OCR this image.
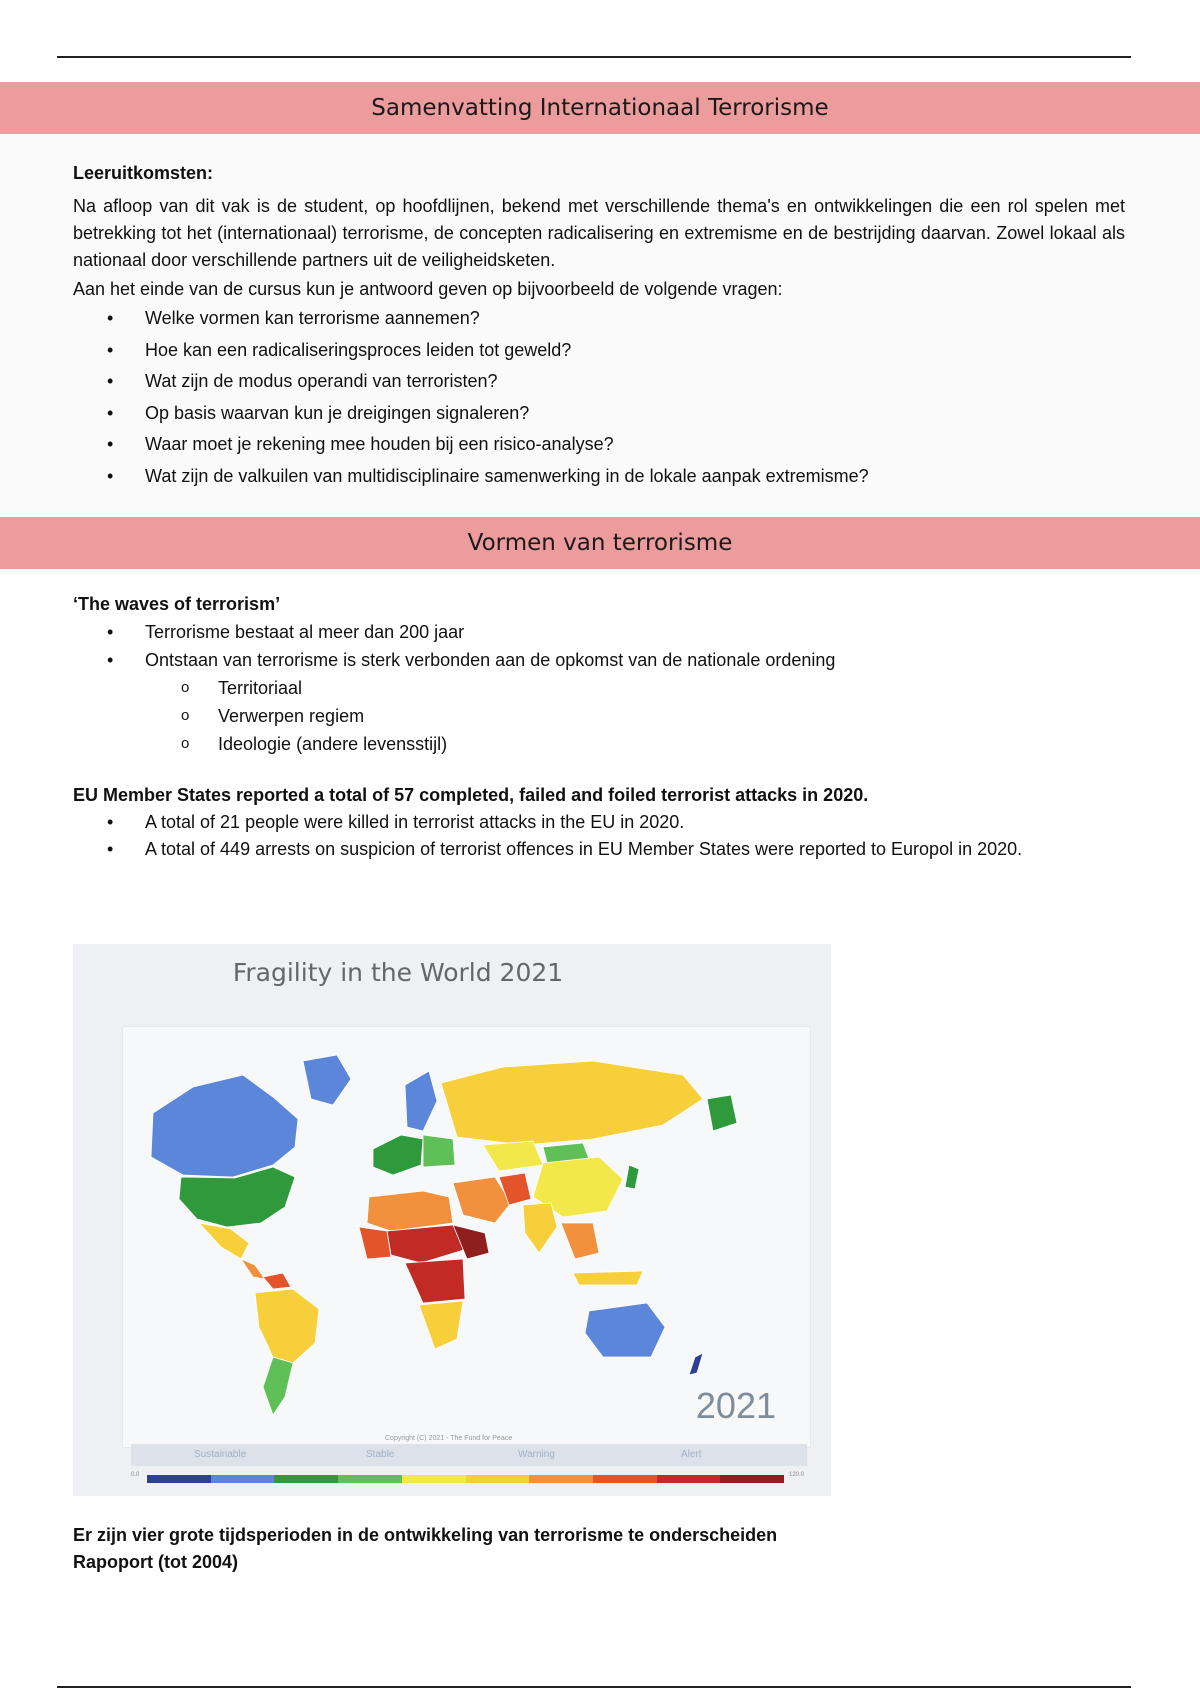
Samenvatting Internationaal Terrorisme
Leeruitkomsten:
Na afloop van dit vak is de student, op hoofdlijnen, bekend met verschillende thema's en ontwikkelingen die een rol spelen met betrekking tot het (internationaal) terrorisme, de concepten radicalisering en extremisme en de bestrijding daarvan. Zowel lokaal als nationaal door verschillende partners uit de veiligheidsketen.
Aan het einde van de cursus kun je antwoord geven op bijvoorbeeld de volgende vragen:
• Welke vormen kan terrorisme aannemen?
• Hoe kan een radicaliseringsproces leiden tot geweld?
• Wat zijn de modus operandi van terroristen?
• Op basis waarvan kun je dreigingen signaleren?
• Waar moet je rekening mee houden bij een risico-analyse?
• Wat zijn de valkuilen van multidisciplinaire samenwerking in de lokale aanpak extremisme?
Vormen van terrorisme
‘The waves of terrorism’
• Terrorisme bestaat al meer dan 200 jaar
• Ontstaan van terrorisme is sterk verbonden aan de opkomst van de nationale ordening
o Territoriaal
o Verwerpen regiem
o Ideologie (andere levensstijl)
EU Member States reported a total of 57 completed, failed and foiled terrorist attacks in 2020.
• A total of 21 people were killed in terrorist attacks in the EU in 2020.
• A total of 449 arrests on suspicion of terrorist offences in EU Member States were reported to Europol in 2020.
Fragility in the World 2021
Copyright (C) 2021 - The Fund for Peace
2021
Sustainable	Stable	Warning	Alert
0.0	120.0
Er zijn vier grote tijdsperioden in de ontwikkeling van terrorisme te onderscheiden
Rapoport (tot 2004)
